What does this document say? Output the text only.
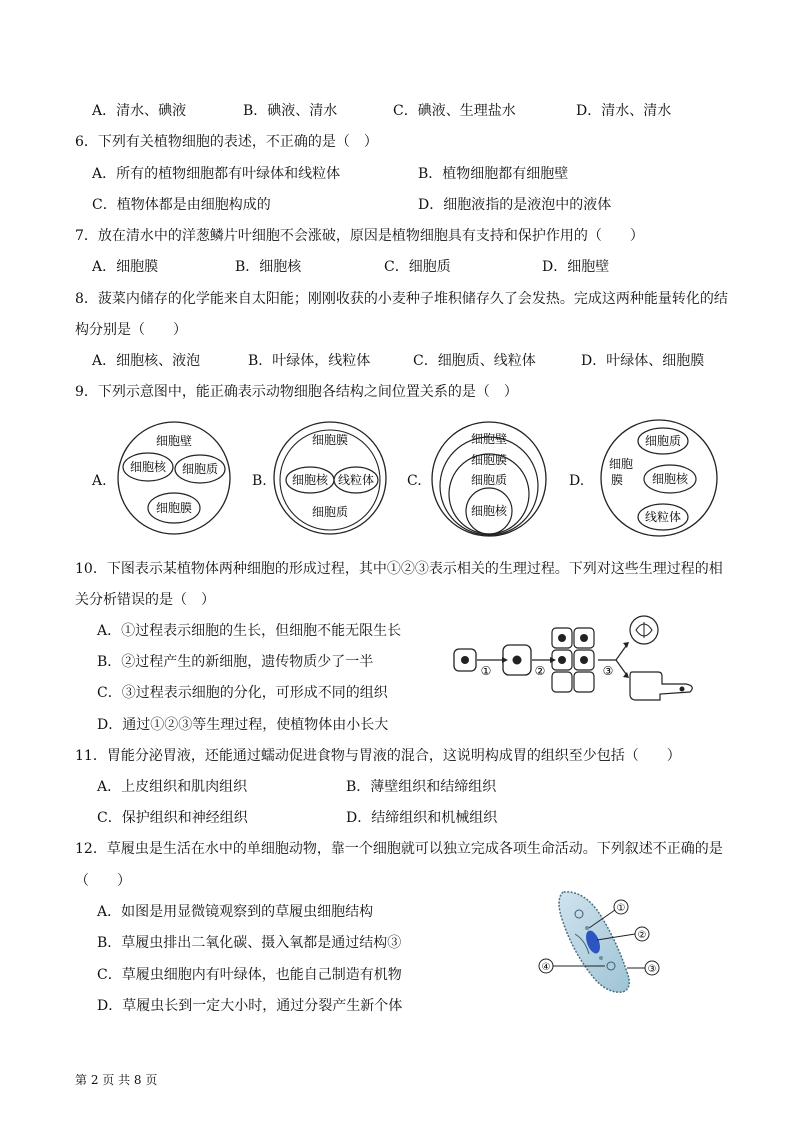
A．清水、碘液	B．碘液、清水	C．碘液、生理盐水	D．清水、清水
6．下列有关植物细胞的表述，不正确的是（　）
A．所有的植物细胞都有叶绿体和线粒体	B．植物细胞都有细胞壁
C．植物体都是由细胞构成的	D．细胞液指的是液泡中的液体
7．放在清水中的洋葱鳞片叶细胞不会涨破，原因是植物细胞具有支持和保护作用的（　　）
A．细胞膜	B．细胞核	C．细胞质	D．细胞壁
8．菠菜内储存的化学能来自太阳能；刚刚收获的小麦种子堆积储存久了会发热。完成这两种能量转化的结
构分别是（　　）
A．细胞核、液泡	B．叶绿体，线粒体	C．细胞质、线粒体	D．叶绿体、细胞膜
9．下列示意图中，能正确表示动物细胞各结构之间位置关系的是（　）
A.
细胞壁
细胞核 细胞质
细胞膜
B.
细胞膜
细胞核 线粒体
细胞质
C.
细胞壁
细胞膜
细胞质
细胞核
D.
细胞
膜
细胞质
细胞核
线粒体
10．下图表示某植物体两种细胞的形成过程，其中①②③表示相关的生理过程。下列对这些生理过程的相
关分析错误的是（　）
A．①过程表示细胞的生长，但细胞不能无限生长
B．②过程产生的新细胞，遗传物质少了一半
C．③过程表示细胞的分化，可形成不同的组织
D．通过①②③等生理过程，使植物体由小长大
①	②	③
11．胃能分泌胃液，还能通过蠕动促进食物与胃液的混合，这说明构成胃的组织至少包括（　　）
A．上皮组织和肌肉组织	B．薄壁组织和结缔组织
C．保护组织和神经组织	D．结缔组织和机械组织
12．草履虫是生活在水中的单细胞动物，靠一个细胞就可以独立完成各项生命活动。下列叙述不正确的是
（　　）
A．如图是用显微镜观察到的草履虫细胞结构
B．草履虫排出二氧化碳、摄入氧都是通过结构③
C．草履虫细胞内有叶绿体，也能自己制造有机物
D．草履虫长到一定大小时，通过分裂产生新个体
①
②
③
④
第 2 页 共 8 页
